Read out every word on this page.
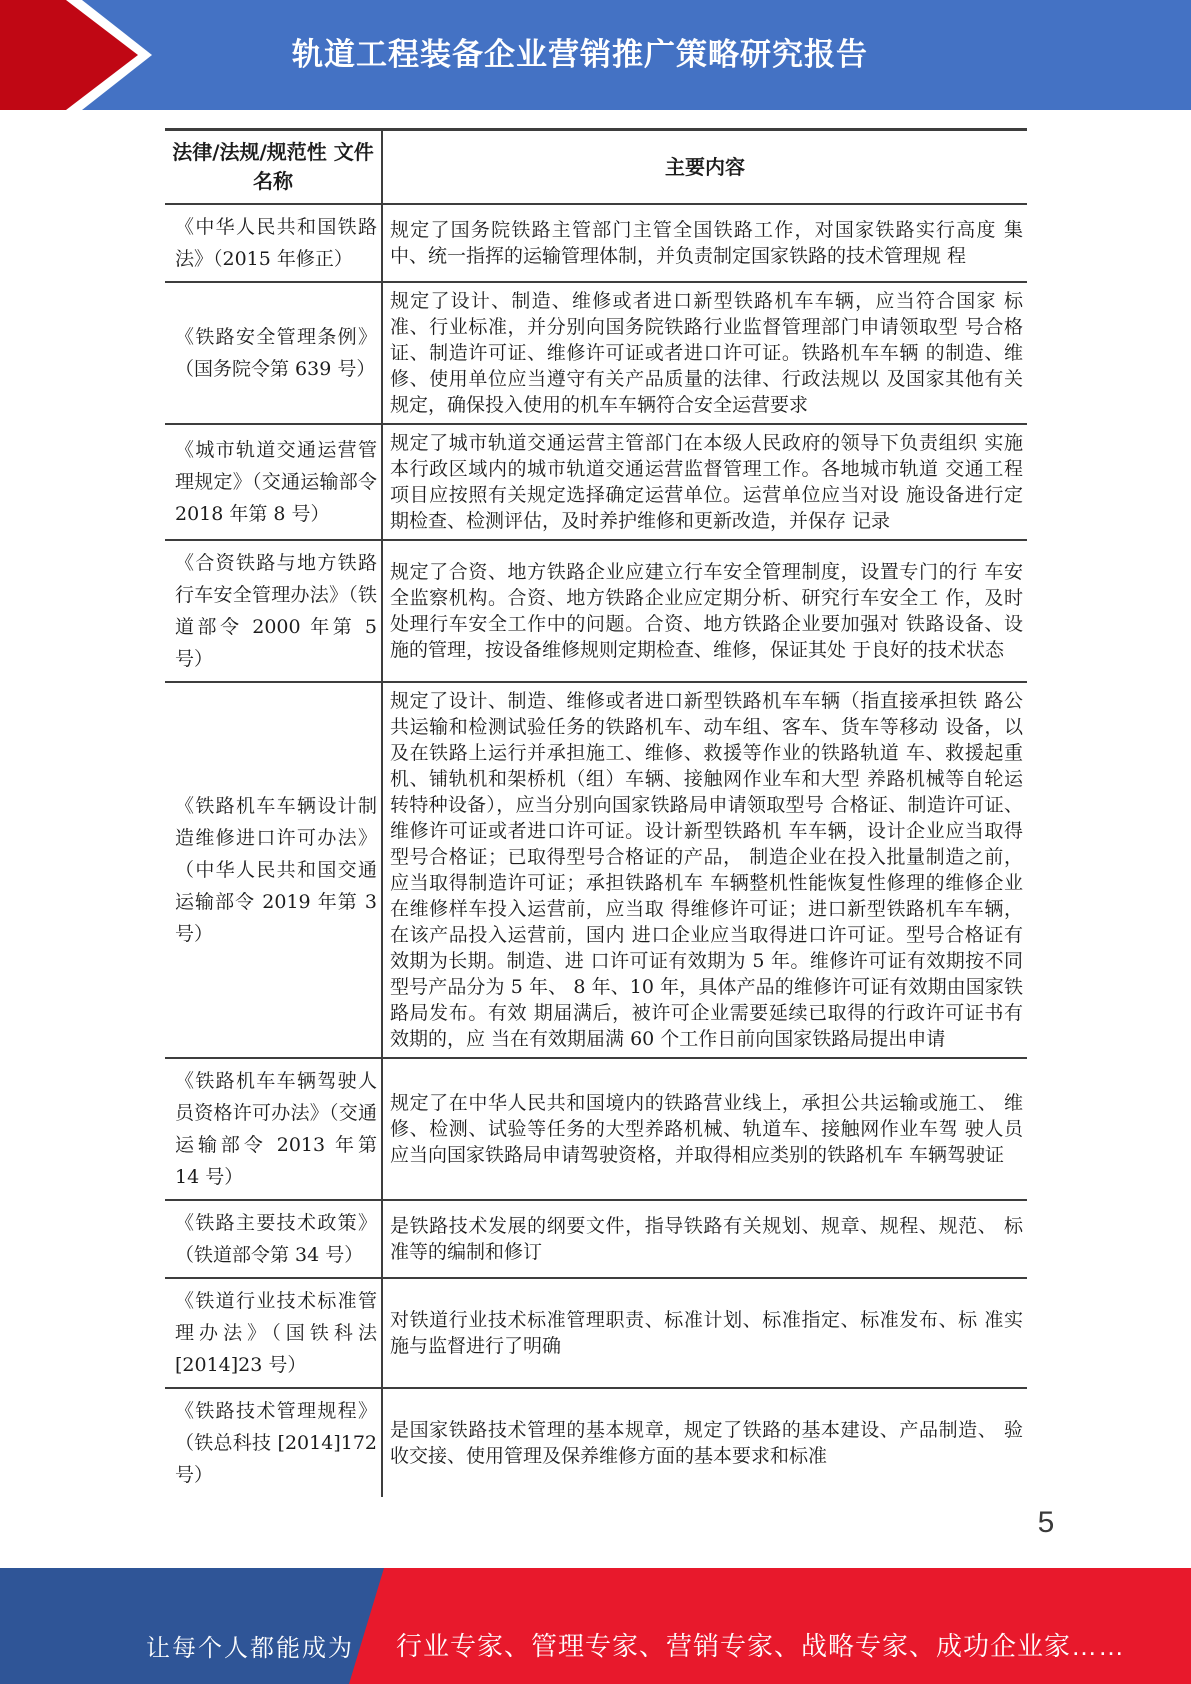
轨道工程装备企业营销推广策略研究报告
法律/法规/规范性 文件名称	主要内容
《中华人民共和国铁路法》（2015 年修正）	规定了国务院铁路主管部门主管全国铁路工作，对国家铁路实行高度 集中、统一指挥的运输管理体制，并负责制定国家铁路的技术管理规 程
《铁路安全管理条例》（国务院令第 639 号）	规定了设计、制造、维修或者进口新型铁路机车车辆，应当符合国家 标准、行业标准，并分别向国务院铁路行业监督管理部门申请领取型 号合格证、制造许可证、维修许可证或者进口许可证。铁路机车车辆 的制造、维修、使用单位应当遵守有关产品质量的法律、行政法规以 及国家其他有关规定，确保投入使用的机车车辆符合安全运营要求
《城市轨道交通运营管理规定》（交通运输部令 2018 年第 8 号）	规定了城市轨道交通运营主管部门在本级人民政府的领导下负责组织 实施本行政区域内的城市轨道交通运营监督管理工作。各地城市轨道 交通工程项目应按照有关规定选择确定运营单位。运营单位应当对设 施设备进行定期检查、检测评估，及时养护维修和更新改造，并保存 记录
《合资铁路与地方铁路行车安全管理办法》（铁道部令 2000 年第 5 号）	规定了合资、地方铁路企业应建立行车安全管理制度，设置专门的行 车安全监察机构。合资、地方铁路企业应定期分析、研究行车安全工 作，及时处理行车安全工作中的问题。合资、地方铁路企业要加强对 铁路设备、设施的管理，按设备维修规则定期检查、维修，保证其处 于良好的技术状态
《铁路机车车辆设计制造维修进口许可办法》（中华人民共和国交通运输部令 2019 年第 3 号）	规定了设计、制造、维修或者进口新型铁路机车车辆（指直接承担铁 路公共运输和检测试验任务的铁路机车、动车组、客车、货车等移动 设备，以及在铁路上运行并承担施工、维修、救援等作业的铁路轨道 车、救援起重机、铺轨机和架桥机（组）车辆、接触网作业车和大型 养路机械等自轮运转特种设备），应当分别向国家铁路局申请领取型号 合格证、制造许可证、维修许可证或者进口许可证。设计新型铁路机 车车辆，设计企业应当取得型号合格证；已取得型号合格证的产品， 制造企业在投入批量制造之前，应当取得制造许可证；承担铁路机车 车辆整机性能恢复性修理的维修企业在维修样车投入运营前，应当取 得维修许可证；进口新型铁路机车车辆，在该产品投入运营前，国内 进口企业应当取得进口许可证。型号合格证有效期为长期。制造、进 口许可证有效期为 5 年。维修许可证有效期按不同型号产品分为 5 年、 8 年、10 年，具体产品的维修许可证有效期由国家铁路局发布。有效 期届满后，被许可企业需要延续已取得的行政许可证书有效期的，应 当在有效期届满 60 个工作日前向国家铁路局提出申请
《铁路机车车辆驾驶人员资格许可办法》（交通运输部令 2013 年第 14 号）	规定了在中华人民共和国境内的铁路营业线上，承担公共运输或施工、 维修、检测、试验等任务的大型养路机械、轨道车、接触网作业车驾 驶人员应当向国家铁路局申请驾驶资格，并取得相应类别的铁路机车 车辆驾驶证
《铁路主要技术政策》（铁道部令第 34 号）	是铁路技术发展的纲要文件，指导铁路有关规划、规章、规程、规范、 标准等的编制和修订
《铁道行业技术标准管理办法》（国铁科法[2014]23 号）	对铁道行业技术标准管理职责、标准计划、标准指定、标准发布、标 准实施与监督进行了明确
《铁路技术管理规程》（铁总科技 [2014]172 号）	是国家铁路技术管理的基本规章，规定了铁路的基本建设、产品制造、 验收交接、使用管理及保养维修方面的基本要求和标准
5
让每个人都能成为 行业专家、管理专家、营销专家、战略专家、成功企业家……
